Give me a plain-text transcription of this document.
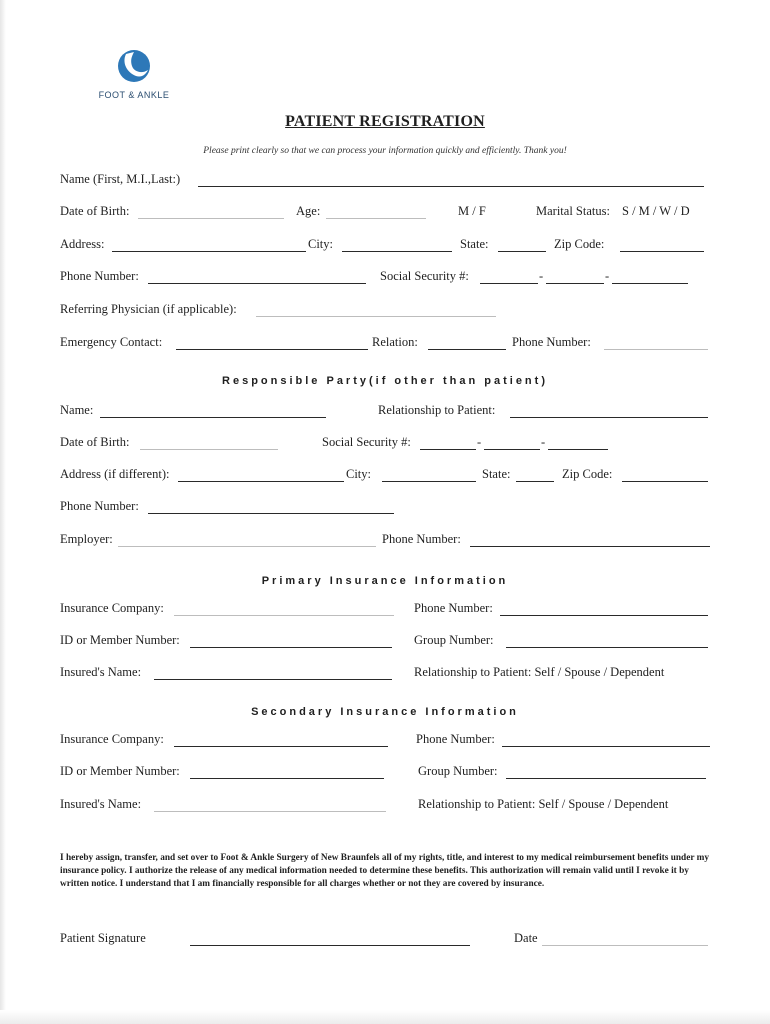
FOOT & ANKLE
PATIENT REGISTRATION
Please print clearly so that we can process your information quickly and efficiently. Thank you!
Name (First, M.I.,Last:)
Date of Birth:	Age:	M / F	Marital Status: S / M / W / D
Address:	City:	State:	Zip Code:
Phone Number:	Social Security #:	-	-
Referring Physician (if applicable):
Emergency Contact:	Relation:	Phone Number:
Responsible Party(if other than patient)
Name:	Relationship to Patient:
Date of Birth:	Social Security #:	-	-
Address (if different):	City:	State:	Zip Code:
Phone Number:
Employer:	Phone Number:
Primary Insurance Information
Insurance Company:	Phone Number:
ID or Member Number:	Group Number:
Insured's Name:	Relationship to Patient: Self / Spouse / Dependent
Secondary Insurance Information
Insurance Company:	Phone Number:
ID or Member Number:	Group Number:
Insured's Name:	Relationship to Patient: Self / Spouse / Dependent
I hereby assign, transfer, and set over to Foot & Ankle Surgery of New Braunfels all of my rights, title, and interest to my medical reimbursement benefits under my insurance policy. I authorize the release of any medical information needed to determine these benefits. This authorization will remain valid until I revoke it by written notice. I understand that I am financially responsible for all charges whether or not they are covered by insurance.
Patient Signature	Date
